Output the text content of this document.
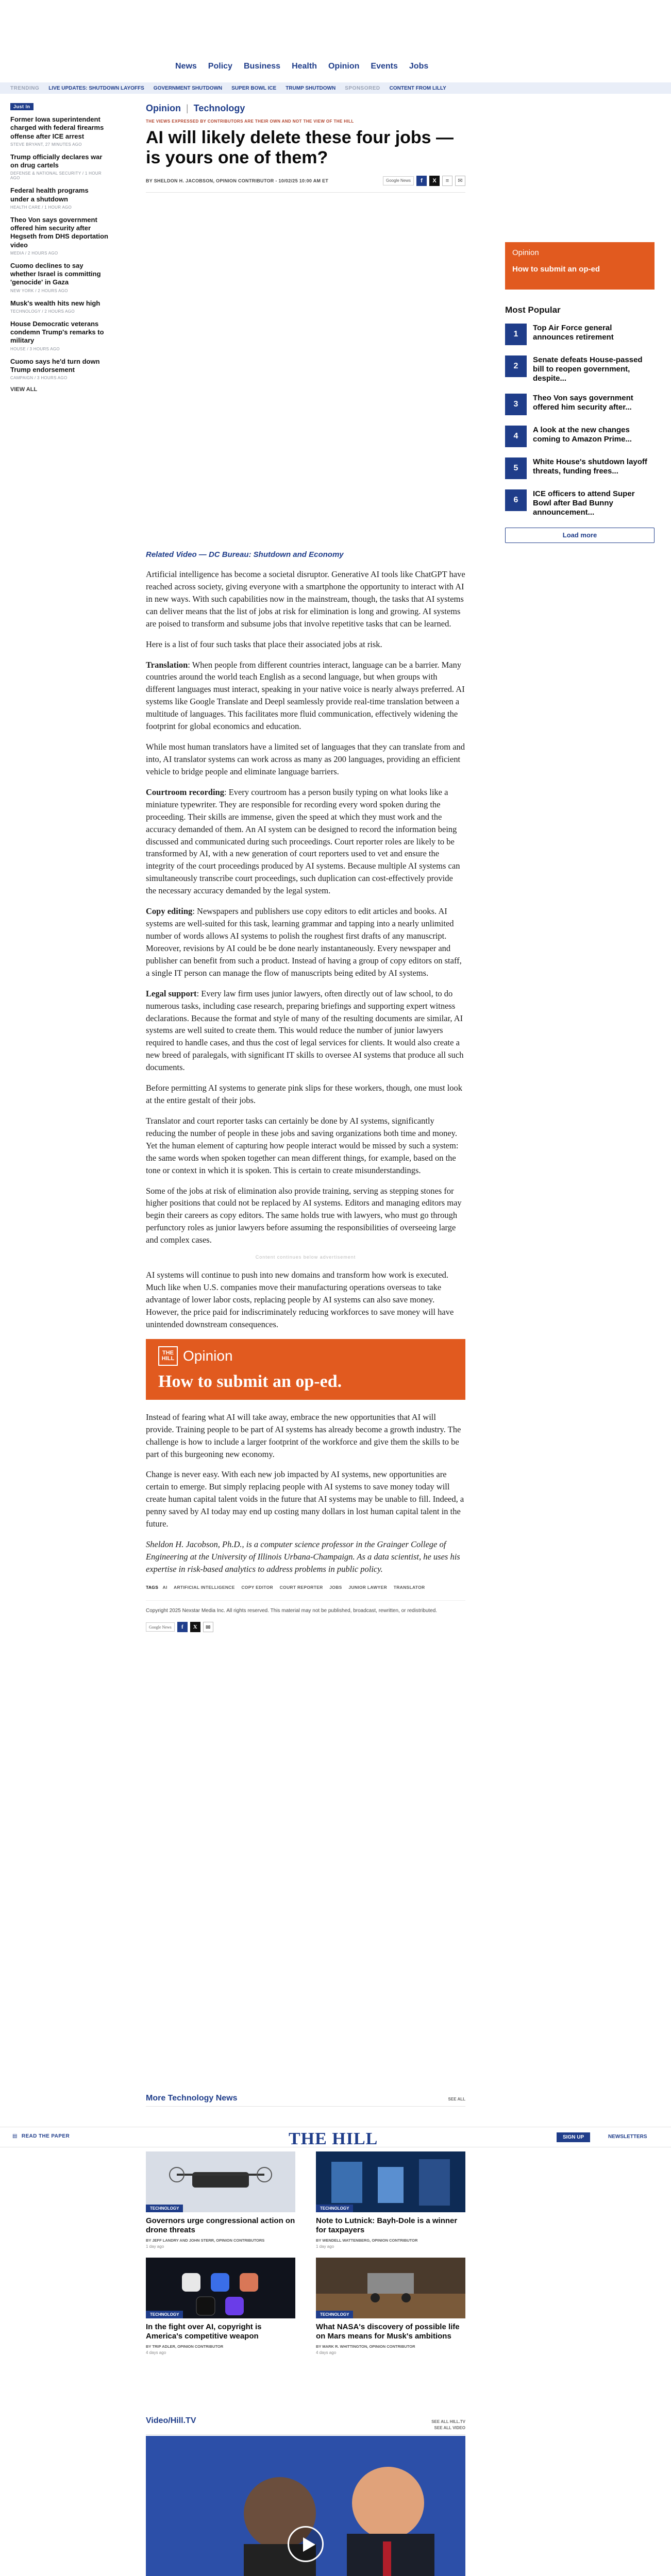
News Policy Business Health Opinion Events Jobs
TRENDING LIVE UPDATES: SHUTDOWN LAYOFFS GOVERNMENT SHUTDOWN SUPER BOWL ICE TRUMP SHUTDOWN SPONSORED CONTENT FROM LILLY
Just In
Former Iowa superintendent charged with federal firearms offense after ICE arrest
STEVE BRYANT, 27 MINUTES AGO
Trump officially declares war on drug cartels
DEFENSE & NATIONAL SECURITY / 1 HOUR AGO
Federal health programs under a shutdown
HEALTH CARE / 1 HOUR AGO
Theo Von says government offered him security after Hegseth from DHS deportation video
MEDIA / 2 HOURS AGO
Cuomo declines to say whether Israel is committing 'genocide' in Gaza
NEW YORK / 2 HOURS AGO
Musk's wealth hits new high
TECHNOLOGY / 2 HOURS AGO
House Democratic veterans condemn Trump's remarks to military
HOUSE / 3 HOURS AGO
Cuomo says he'd turn down Trump endorsement
CAMPAIGN / 3 HOURS AGO
VIEW ALL
Opinion | Technology
THE VIEWS EXPRESSED BY CONTRIBUTORS ARE THEIR OWN AND NOT THE VIEW OF THE HILL
AI will likely delete these four jobs — is yours one of them?
BY SHELDON H. JACOBSON, OPINION CONTRIBUTOR - 10/02/25 10:00 AM ET	Google News	f	X	≡	✉
Opinion
How to submit an op-ed
Most Popular
1
Top Air Force general announces retirement
2
Senate defeats House-passed bill to reopen government, despite...
3
Theo Von says government offered him security after...
4
A look at the new changes coming to Amazon Prime...
5
White House's shutdown layoff threats, funding frees...
6
ICE officers to attend Super Bowl after Bad Bunny announcement...
Load more
Related Video — DC Bureau: Shutdown and Economy

Artificial intelligence has become a societal disruptor. Generative AI tools like ChatGPT have reached across society, giving everyone with a smartphone the opportunity to interact with AI in new ways. With such capabilities now in the mainstream, though, the tasks that AI systems can deliver means that the list of jobs at risk for elimination is long and growing. AI systems are poised to transform and subsume jobs that involve repetitive tasks that can be learned.

Here is a list of four such tasks that place their associated jobs at risk.

Translation: When people from different countries interact, language can be a barrier. Many countries around the world teach English as a second language, but when groups with different languages must interact, speaking in your native voice is nearly always preferred. AI systems like Google Translate and Deepl seamlessly provide real-time translation between a multitude of languages. This facilitates more fluid communication, effectively widening the footprint for global economics and education.

While most human translators have a limited set of languages that they can translate from and into, AI translator systems can work across as many as 200 languages, providing an efficient vehicle to bridge people and eliminate language barriers.

Courtroom recording: Every courtroom has a person busily typing on what looks like a miniature typewriter. They are responsible for recording every word spoken during the proceeding. Their skills are immense, given the speed at which they must work and the accuracy demanded of them. An AI system can be designed to record the information being discussed and communicated during such proceedings. Court reporter roles are likely to be transformed by AI, with a new generation of court reporters used to vet and ensure the integrity of the court proceedings produced by AI systems. Because multiple AI systems can simultaneously transcribe court proceedings, such duplication can cost-effectively provide the necessary accuracy demanded by the legal system.

Copy editing: Newspapers and publishers use copy editors to edit articles and books. AI systems are well-suited for this task, learning grammar and tapping into a nearly unlimited number of words allows AI systems to polish the roughest first drafts of any manuscript. Moreover, revisions by AI could be be done nearly instantaneously. Every newspaper and publisher can benefit from such a product. Instead of having a group of copy editors on staff, a single IT person can manage the flow of manuscripts being edited by AI systems.

Legal support: Every law firm uses junior lawyers, often directly out of law school, to do numerous tasks, including case research, preparing briefings and supporting expert witness declarations. Because the format and style of many of the resulting documents are similar, AI systems are well suited to create them. This would reduce the number of junior lawyers required to handle cases, and thus the cost of legal services for clients. It would also create a new breed of paralegals, with significant IT skills to oversee AI systems that produce all such documents.

Before permitting AI systems to generate pink slips for these workers, though, one must look at the entire gestalt of their jobs.

Translator and court reporter tasks can certainly be done by AI systems, significantly reducing the number of people in these jobs and saving organizations both time and money. Yet the human element of capturing how people interact would be missed by such a system: the same words when spoken together can mean different things, for example, based on the tone or context in which it is spoken. This is certain to create misunderstandings.

Some of the jobs at risk of elimination also provide training, serving as stepping stones for higher positions that could not be replaced by AI systems. Editors and managing editors may begin their careers as copy editors. The same holds true with lawyers, who must go through perfunctory roles as junior lawyers before assuming the responsibilities of overseeing large and complex cases.

Content continues below advertisement

AI systems will continue to push into new domains and transform how work is executed. Much like when U.S. companies move their manufacturing operations overseas to take advantage of lower labor costs, replacing people by AI systems can also save money. However, the price paid for indiscriminately reducing workforces to save money will have unintended downstream consequences.

THE HILL Opinion
How to submit an op-ed.

Instead of fearing what AI will take away, embrace the new opportunities that AI will provide. Training people to be part of AI systems has already become a growth industry. The challenge is how to include a larger footprint of the workforce and give them the skills to be part of this burgeoning new economy.

Change is never easy. With each new job impacted by AI systems, new opportunities are certain to emerge. But simply replacing people with AI systems to save money today will create human capital talent voids in the future that AI systems may be unable to fill. Indeed, a penny saved by AI today may end up costing many dollars in lost human capital talent in the future.

Sheldon H. Jacobson, Ph.D., is a computer science professor in the Grainger College of Engineering at the University of Illinois Urbana-Champaign. As a data scientist, he uses his expertise in risk-based analytics to address problems in public policy.

TAGS AI ARTIFICIAL INTELLIGENCE COPY EDITOR COURT REPORTER JOBS JUNIOR LAWYER TRANSLATOR
Copyright 2025 Nexstar Media Inc. All rights reserved. This material may not be published, broadcast, rewritten, or redistributed.
Google News	f	X	✉
▤ READ THE PAPER	THE HILL	SIGN UP	NEWSLETTERS
More Technology News	SEE ALL
TECHNOLOGY
Governors urge congressional action on drone threats
BY JEFF LANDRY AND JOHN STERR, OPINION CONTRIBUTORS
1 day ago
TECHNOLOGY
Note to Lutnick: Bayh-Dole is a winner for taxpayers
BY WENDELL WATTENBERG, OPINION CONTRIBUTOR
1 day ago
TECHNOLOGY
In the fight over AI, copyright is America's competitive weapon
BY TRIP ADLER, OPINION CONTRIBUTOR
4 days ago
TECHNOLOGY
What NASA's discovery of possible life on Mars means for Musk's ambitions
BY MARK R. WHITTINGTON, OPINION CONTRIBUTOR
4 days ago
Video/Hill.TV	SEE ALL HILL.TV
SEE ALL VIDEO
